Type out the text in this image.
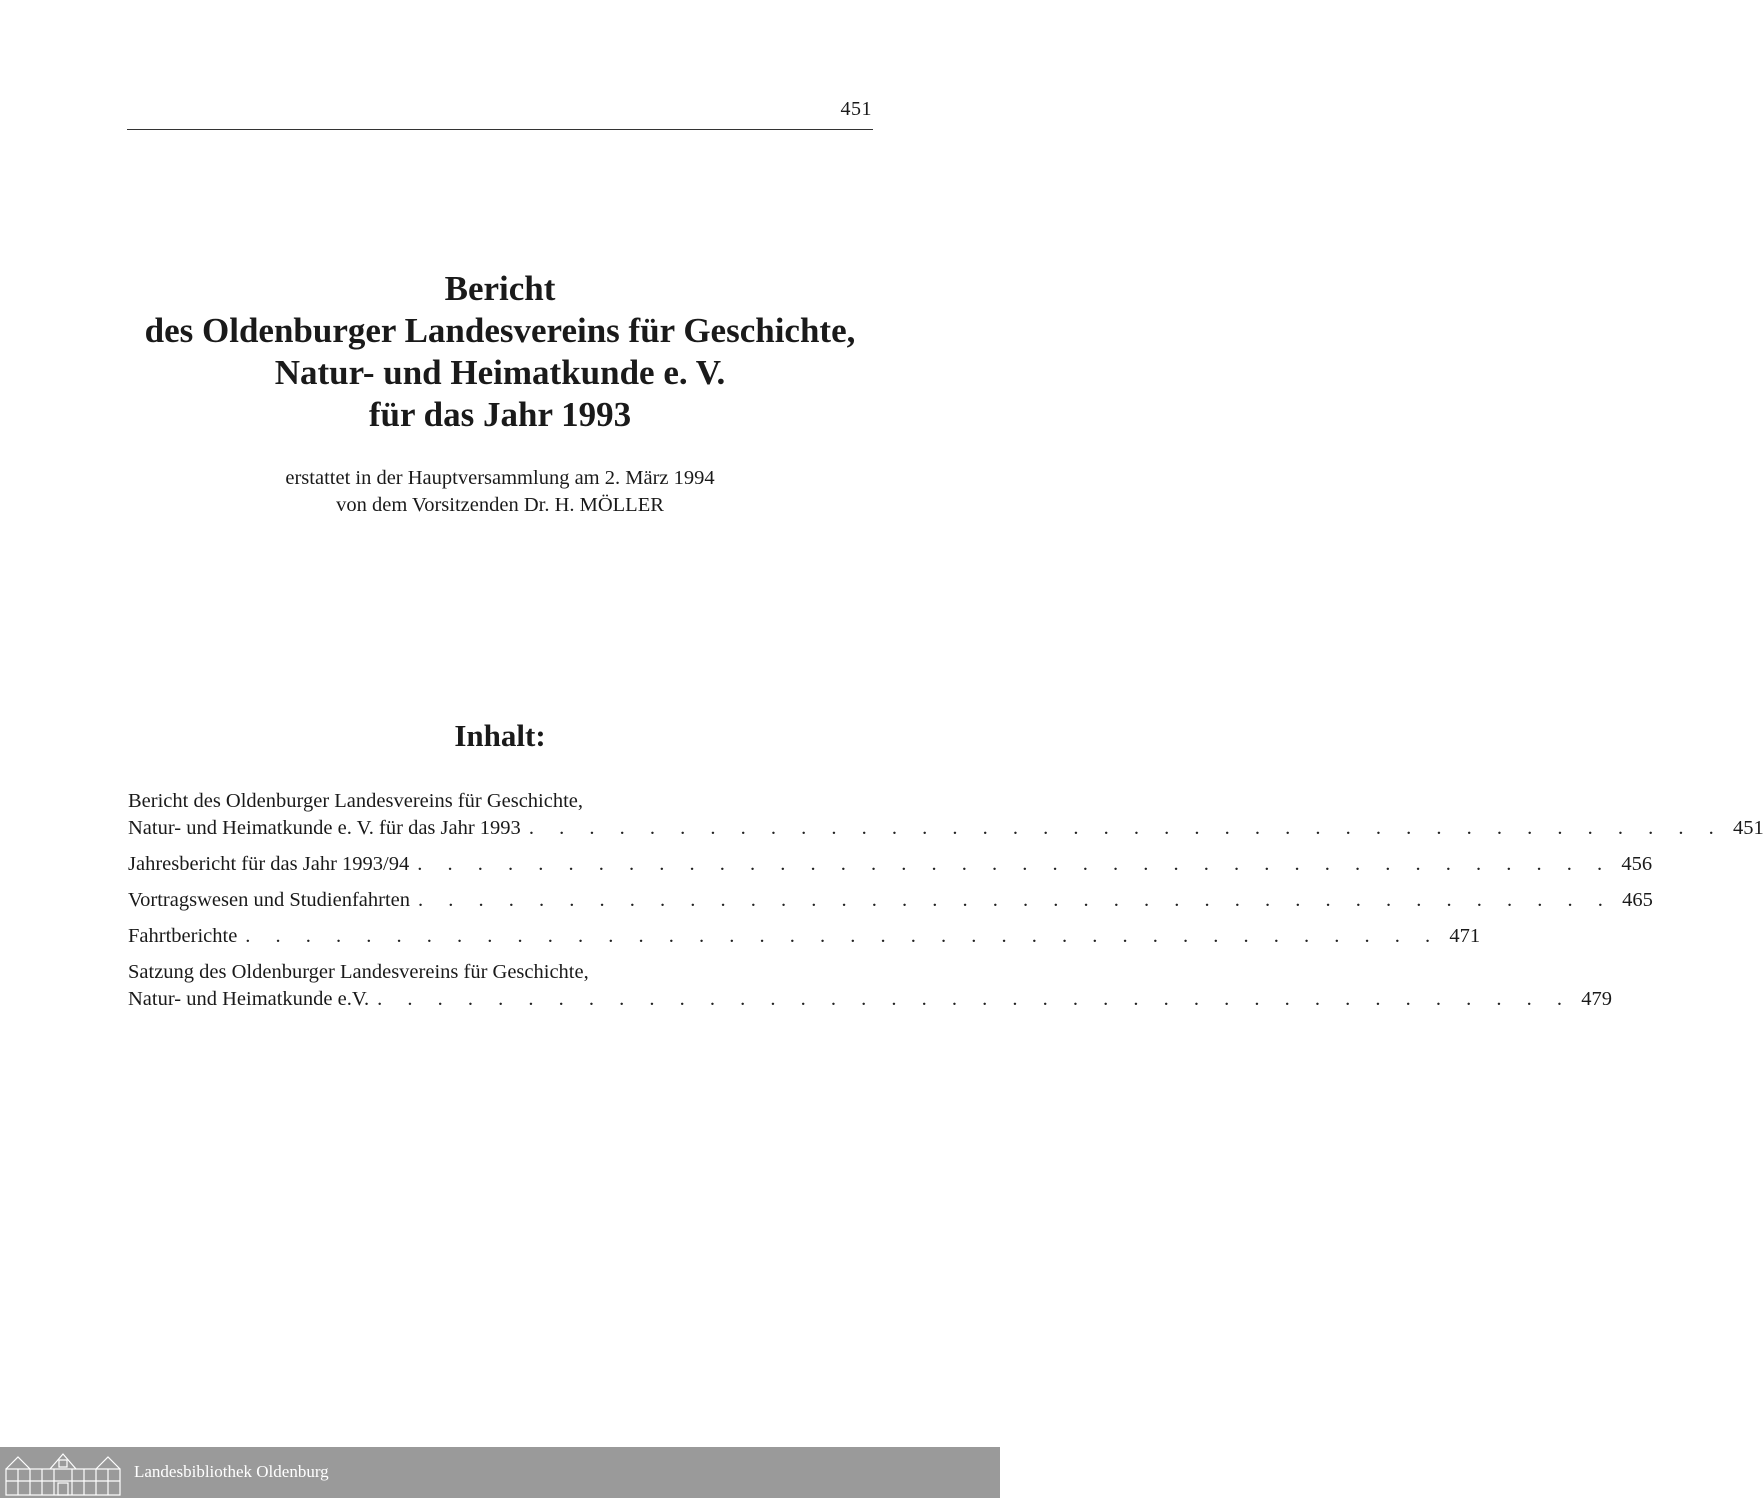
451
Bericht
des Oldenburger Landesvereins für Geschichte,
Natur- und Heimatkunde e. V.
für das Jahr 1993
erstattet in der Hauptversammlung am 2. März 1994
von dem Vorsitzenden Dr. H. MÖLLER
Inhalt:
Bericht des Oldenburger Landesvereins für Geschichte,
Natur- und Heimatkunde e. V. für das Jahr 1993 . . . . . . . . . . . . . . . . . . . . . . . . . . . . . . . . . . . . . . . . 451
Jahresbericht für das Jahr 1993/94 . . . . . . . . . . . . . . . . . . . . . . . . . . . . . . . . . . . . . . . . 456
Vortragswesen und Studienfahrten . . . . . . . . . . . . . . . . . . . . . . . . . . . . . . . . . . . . . . . . 465
Fahrtberichte . . . . . . . . . . . . . . . . . . . . . . . . . . . . . . . . . . . . . . . . 471
Satzung des Oldenburger Landesvereins für Geschichte,
Natur- und Heimatkunde e.V. . . . . . . . . . . . . . . . . . . . . . . . . . . . . . . . . . . . . . . . . 479
Landesbibliothek Oldenburg
